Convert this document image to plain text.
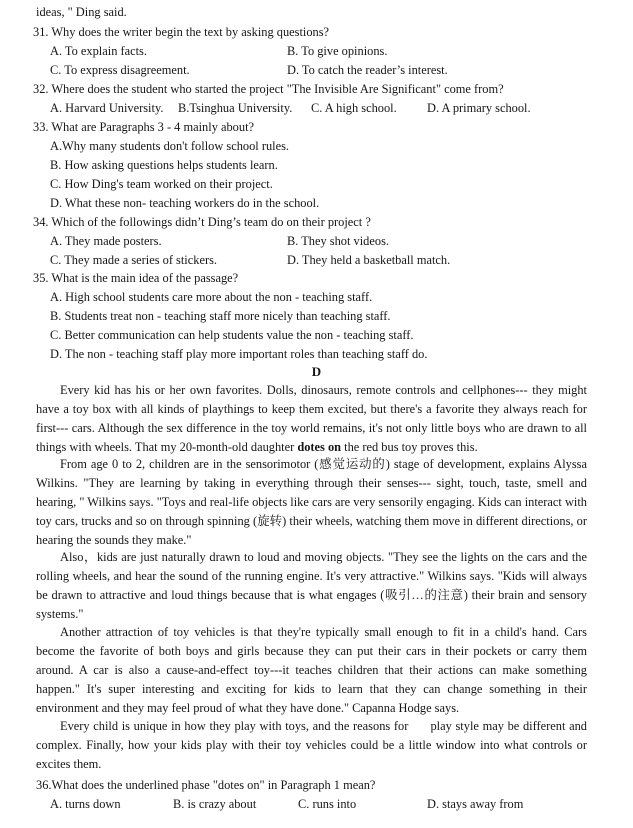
ideas, " Ding said.
31. Why does the writer begin the text by asking questions?
A. To explain facts.	B. To give opinions.
C. To express disagreement.	D. To catch the reader’s interest.
32. Where does the student who started the project "The Invisible Are Significant" come from?
A. Harvard University. B.Tsinghua University. C. A high school. D. A primary school.
33. What are Paragraphs 3 - 4 mainly about?
A.Why many students don't follow school rules.
B. How asking questions helps students learn.
C. How Ding's team worked on their project.
D. What these non- teaching workers do in the school.
34. Which of the followings didn’t Ding’s team do on their project ?
A. They made posters.	B. They shot videos.
C. They made a series of stickers.	D. They held a basketball match.
35. What is the main idea of the passage?
A. High school students care more about the non - teaching staff.
B. Students treat non - teaching staff more nicely than teaching staff.
C. Better communication can help students value the non - teaching staff.
D. The non - teaching staff play more important roles than teaching staff do.
D
Every kid has his or her own favorites. Dolls, dinosaurs, remote controls and cellphones--- they might have a toy box with all kinds of playthings to keep them excited, but there's a favorite they always reach for first--- cars. Although the sex difference in the toy world remains, it's not only little boys who are drawn to all things with wheels. That my 20-month-old daughter dotes on the red bus toy proves this.
From age 0 to 2, children are in the sensorimotor (感觉运动的) stage of development, explains Alyssa Wilkins. "They are learning by taking in everything through their senses--- sight, touch, taste, smell and hearing, " Wilkins says. "Toys and real-life objects like cars are very sensorily engaging. Kids can interact with toy cars, trucks and so on through spinning (旋转) their wheels, watching them move in different directions, or hearing the sounds they make."
Also，kids are just naturally drawn to loud and moving objects. "They see the lights on the cars and the rolling wheels, and hear the sound of the running engine. It's very attractive." Wilkins says. "Kids will always be drawn to attractive and loud things because that is what engages (吸引…的注意) their brain and sensory systems."
Another attraction of toy vehicles is that they're typically small enough to fit in a child's hand. Cars become the favorite of both boys and girls because they can put their cars in their pockets or carry them around. A car is also a cause-and-effect toy---it teaches children that their actions can make something happen." It's super interesting and exciting for kids to learn that they can change something in their environment and they may feel proud of what they have done." Capanna Hodge says.
Every child is unique in how they play with toys, and the reasons for      play style may be different and complex. Finally, how your kids play with their toy vehicles could be a little window into what controls or excites them.
36.What does the underlined phase "dotes on" in Paragraph 1 mean?
A. turns down	B. is crazy about	C. runs into	D. stays away from
